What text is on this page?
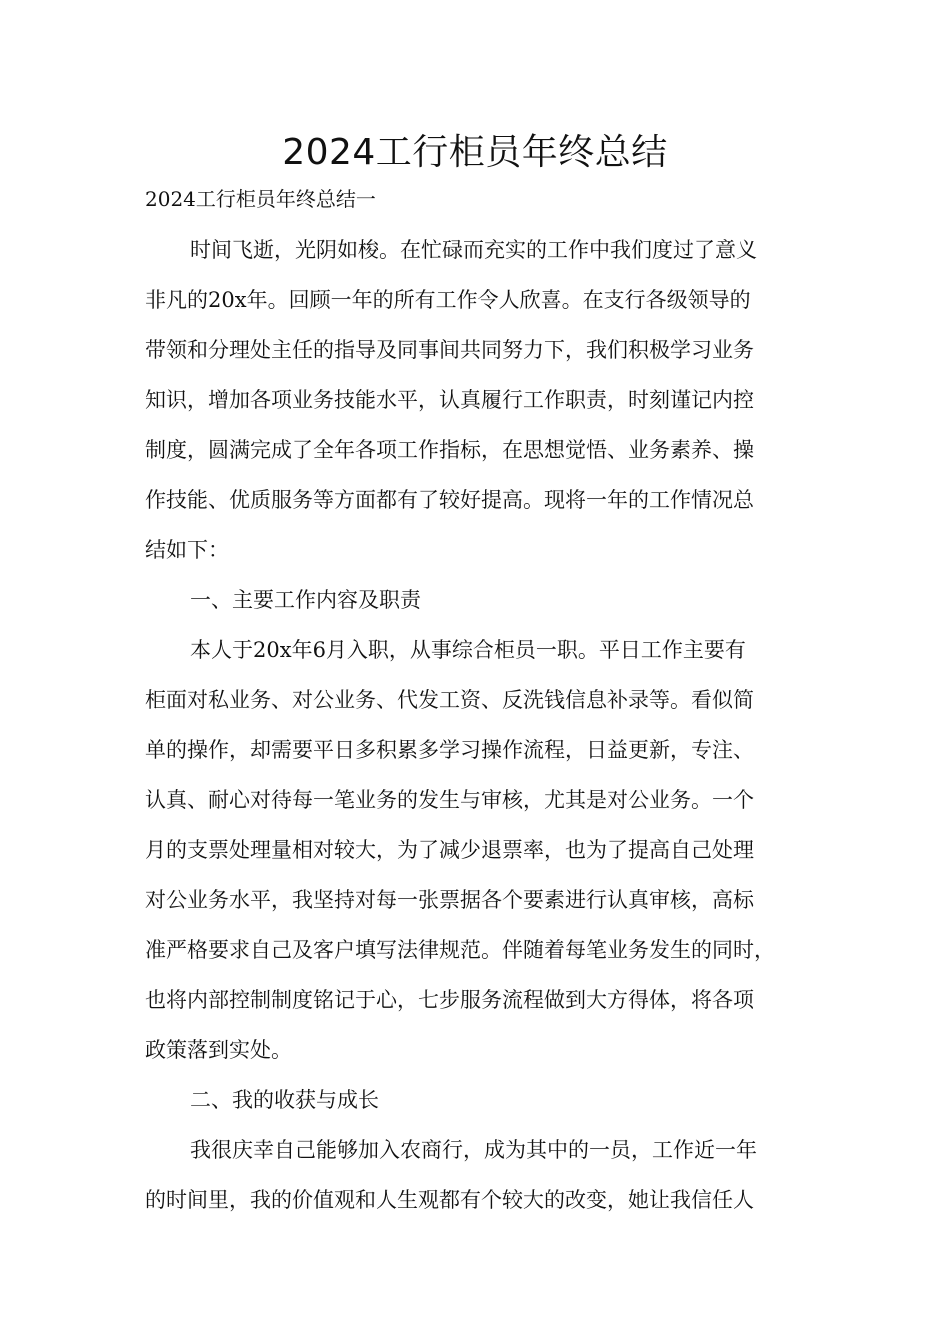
2024工行柜员年终总结
2024工行柜员年终总结一
时间飞逝，光阴如梭。在忙碌而充实的工作中我们度过了意义
非凡的20x年。回顾一年的所有工作令人欣喜。在支行各级领导的
带领和分理处主任的指导及同事间共同努力下，我们积极学习业务
知识，增加各项业务技能水平，认真履行工作职责，时刻谨记内控
制度，圆满完成了全年各项工作指标，在思想觉悟、业务素养、操
作技能、优质服务等方面都有了较好提高。现将一年的工作情况总
结如下：
一、主要工作内容及职责
本人于20x年6月入职，从事综合柜员一职。平日工作主要有
柜面对私业务、对公业务、代发工资、反洗钱信息补录等。看似简
单的操作，却需要平日多积累多学习操作流程，日益更新，专注、
认真、耐心对待每一笔业务的发生与审核，尤其是对公业务。一个
月的支票处理量相对较大，为了减少退票率，也为了提高自己处理
对公业务水平，我坚持对每一张票据各个要素进行认真审核，高标
准严格要求自己及客户填写法律规范。伴随着每笔业务发生的同时，
也将内部控制制度铭记于心，七步服务流程做到大方得体，将各项
政策落到实处。
二、我的收获与成长
我很庆幸自己能够加入农商行，成为其中的一员，工作近一年
的时间里，我的价值观和人生观都有个较大的改变，她让我信任人
